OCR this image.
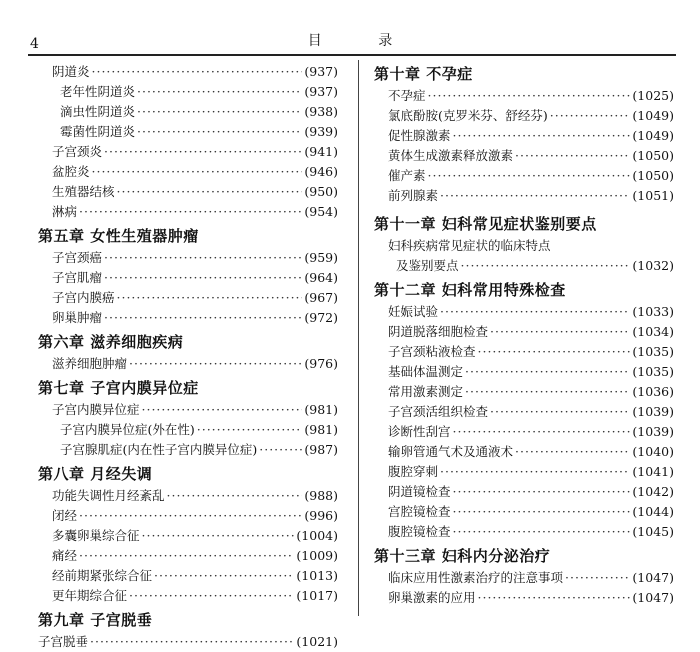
4	目 录
阴道炎 ·····	(937)
老年性阴道炎 ·····	(937)
滴虫性阴道炎 ·····	(938)
霉菌性阴道炎 ·····	(939)
子宫颈炎 ·····	(941)
盆腔炎 ·····	(946)
生殖器结核 ·····	(950)
淋病 ·····	(954)
第五章 女性生殖器肿瘤
子宫颈癌 ·····	(959)
子宫肌瘤 ·····	(964)
子宫内膜癌 ·····	(967)
卵巢肿瘤 ·····	(972)
第六章 滋养细胞疾病
滋养细胞肿瘤 ·····	(976)
第七章 子宫内膜异位症
子宫内膜异位症 ·····	(981)
子宫内膜异位症(外在性) ·····	(981)
子宫腺肌症(内在性子宫内膜异位症) ·····	(987)
第八章 月经失调
功能失调性月经紊乱 ·····	(988)
闭经 ·····	(996)
多囊卵巢综合征 ·····	(1004)
痛经 ·····	(1009)
经前期紧张综合征 ·····	(1013)
更年期综合征 ·····	(1017)
第九章 子宫脱垂
子宫脱垂 ·····	(1021)
第十章 不孕症
不孕症 ·····	(1025)
氯底酚胺(克罗米芬、舒经芬) ·····	(1049)
促性腺激素 ·····	(1049)
黄体生成激素释放激素 ·····	(1050)
催产素 ·····	(1050)
前列腺素 ·····	(1051)
第十一章 妇科常见症状鉴别要点
妇科疾病常见症状的临床特点
及鉴别要点 ·····	(1032)
第十二章 妇科常用特殊检查
妊娠试验 ·····	(1033)
阴道脱落细胞检查 ·····	(1034)
子宫颈粘液检查 ·····	(1035)
基础体温测定 ·····	(1035)
常用激素测定 ·····	(1036)
子宫颈活组织检查 ·····	(1039)
诊断性刮宫 ·····	(1039)
输卵管通气术及通液术 ·····	(1040)
腹腔穿刺 ·····	(1041)
阴道镜检查 ·····	(1042)
宫腔镜检查 ·····	(1044)
腹腔镜检查 ·····	(1045)
第十三章 妇科内分泌治疗
临床应用性激素治疗的注意事项 ·····	(1047)
卵巢激素的应用 ·····	(1047)
